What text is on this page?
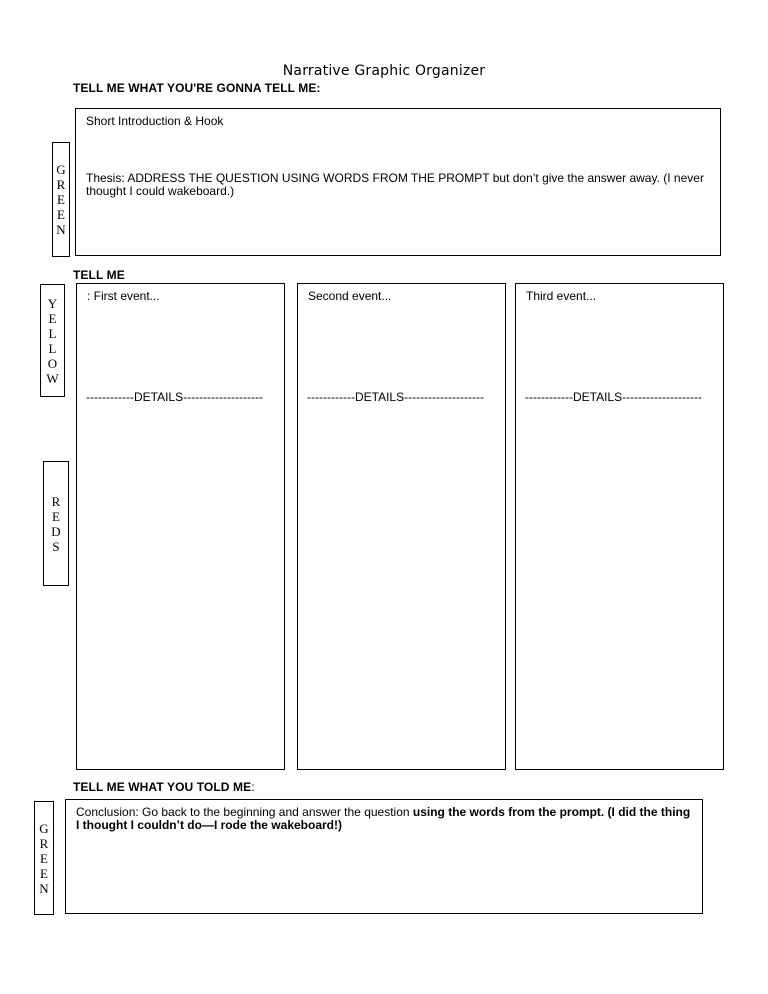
Narrative Graphic Organizer
TELL ME WHAT YOU'RE GONNA TELL ME:
G
R
E
E
N
Short Introduction & Hook
Thesis: ADDRESS THE QUESTION USING WORDS FROM THE PROMPT but don’t give the answer away. (I never thought I could wakeboard.)
TELL ME
Y
E
L
L
O
W
R
E
D
S
: First event...
------------DETAILS--------------------
Second event...
------------DETAILS--------------------
Third event...
------------DETAILS--------------------
TELL ME WHAT YOU TOLD ME:
G
R
E
E
N
Conclusion: Go back to the beginning and answer the question using the words from the prompt. (I did the thing I thought I couldn’t do—I rode the wakeboard!)
